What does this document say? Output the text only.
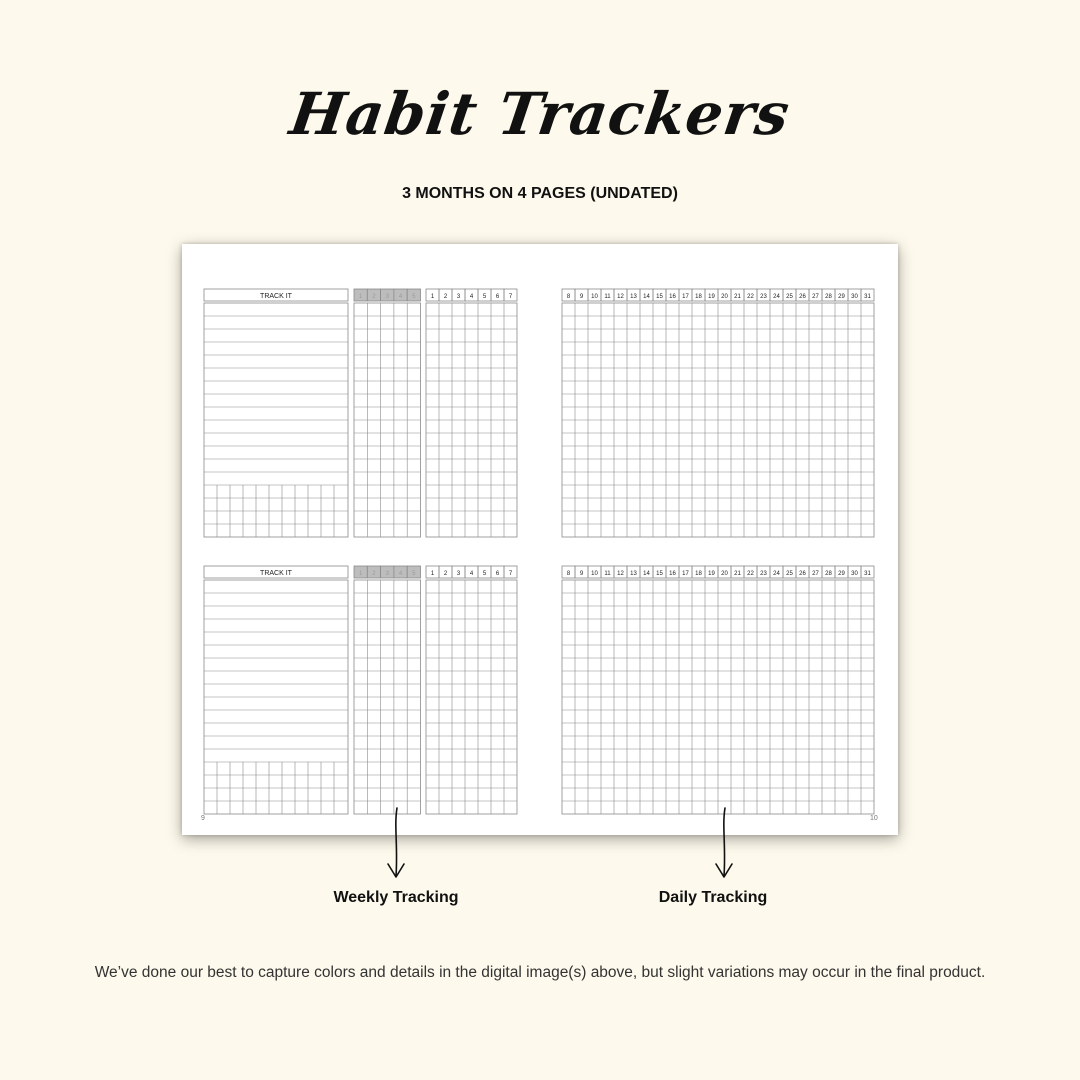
Habit Trackers
3 MONTHS ON 4 PAGES (UNDATED)
TRACK IT	1 2 3 4 5	1 2 3 4 5 6 7	8 9 10 11 12 13 14 15 16 17 18 19 20 21 22 23 24 25 26 27 28 29 30 31
TRACK IT	1 2 3 4 5	1 2 3 4 5 6 7	8 9 10 11 12 13 14 15 16 17 18 19 20 21 22 23 24 25 26 27 28 29 30 31
9	10
Weekly Tracking	Daily Tracking
We’ve done our best to capture colors and details in the digital image(s) above, but slight variations may occur in the final product.
